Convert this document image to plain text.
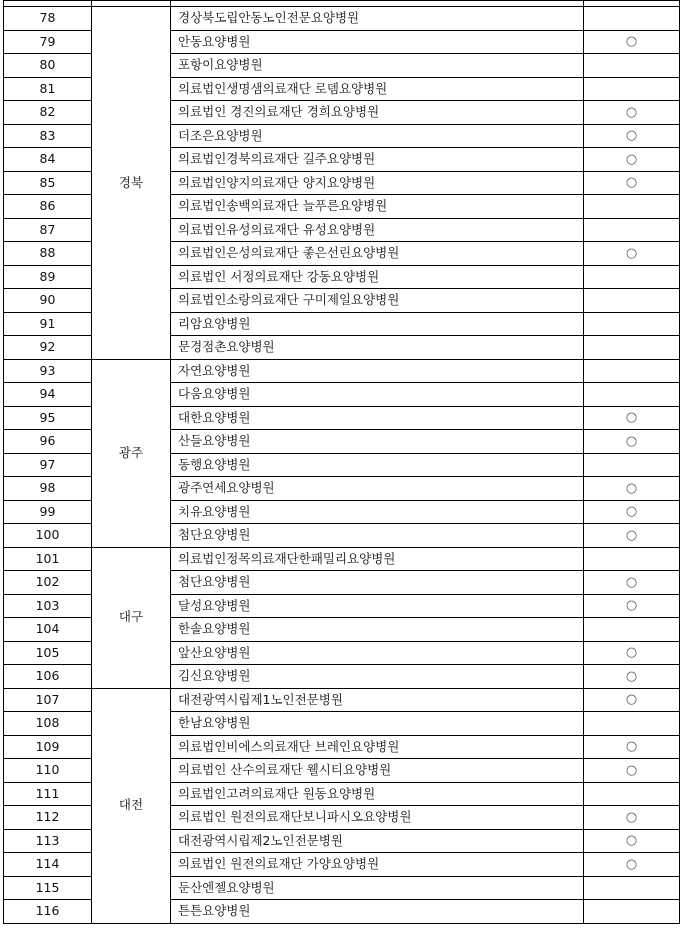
78	경북	경상북도립안동노인전문요양병원	
79		안동요양병원	○
80		포항이요양병원	
81		의료법인생명샘의료재단 로뎀요양병원	
82		의료법인 경진의료재단 경희요양병원	○
83		더조은요양병원	○
84		의료법인경북의료재단 길주요양병원	○
85		의료법인양지의료재단 양지요양병원	○
86		의료법인송백의료재단 늘푸른요양병원	
87		의료법인유성의료재단 유성요양병원	
88		의료법인은성의료재단 좋은선린요양병원	○
89		의료법인 서정의료재단 강동요양병원	
90		의료법인소랑의료재단 구미제일요양병원	
91		리암요양병원	
92		문경점촌요양병원	
93	광주	자연요양병원	
94		다움요양병원	
95		대한요양병원	○
96		산들요양병원	○
97		동행요양병원	
98		광주연세요양병원	○
99		치유요양병원	○
100		첨단요양병원	○
101	대구	의료법인정목의료재단한패밀리요양병원	
102		첨단요양병원	○
103		달성요양병원	○
104		한솔요양병원	
105		앞산요양병원	○
106		김신요양병원	○
107	대전	대전광역시립제1노인전문병원	○
108		한남요양병원	
109		의료법인비에스의료재단 브레인요양병원	○
110		의료법인 산수의료재단 웰시티요양병원	○
111		의료법인고려의료재단 원동요양병원	
112		의료법인 원전의료재단보니파시오요양병원	○
113		대전광역시립제2노인전문병원	○
114		의료법인 원전의료재단 가양요양병원	○
115		둔산엔젤요양병원	
116		튼튼요양병원	
